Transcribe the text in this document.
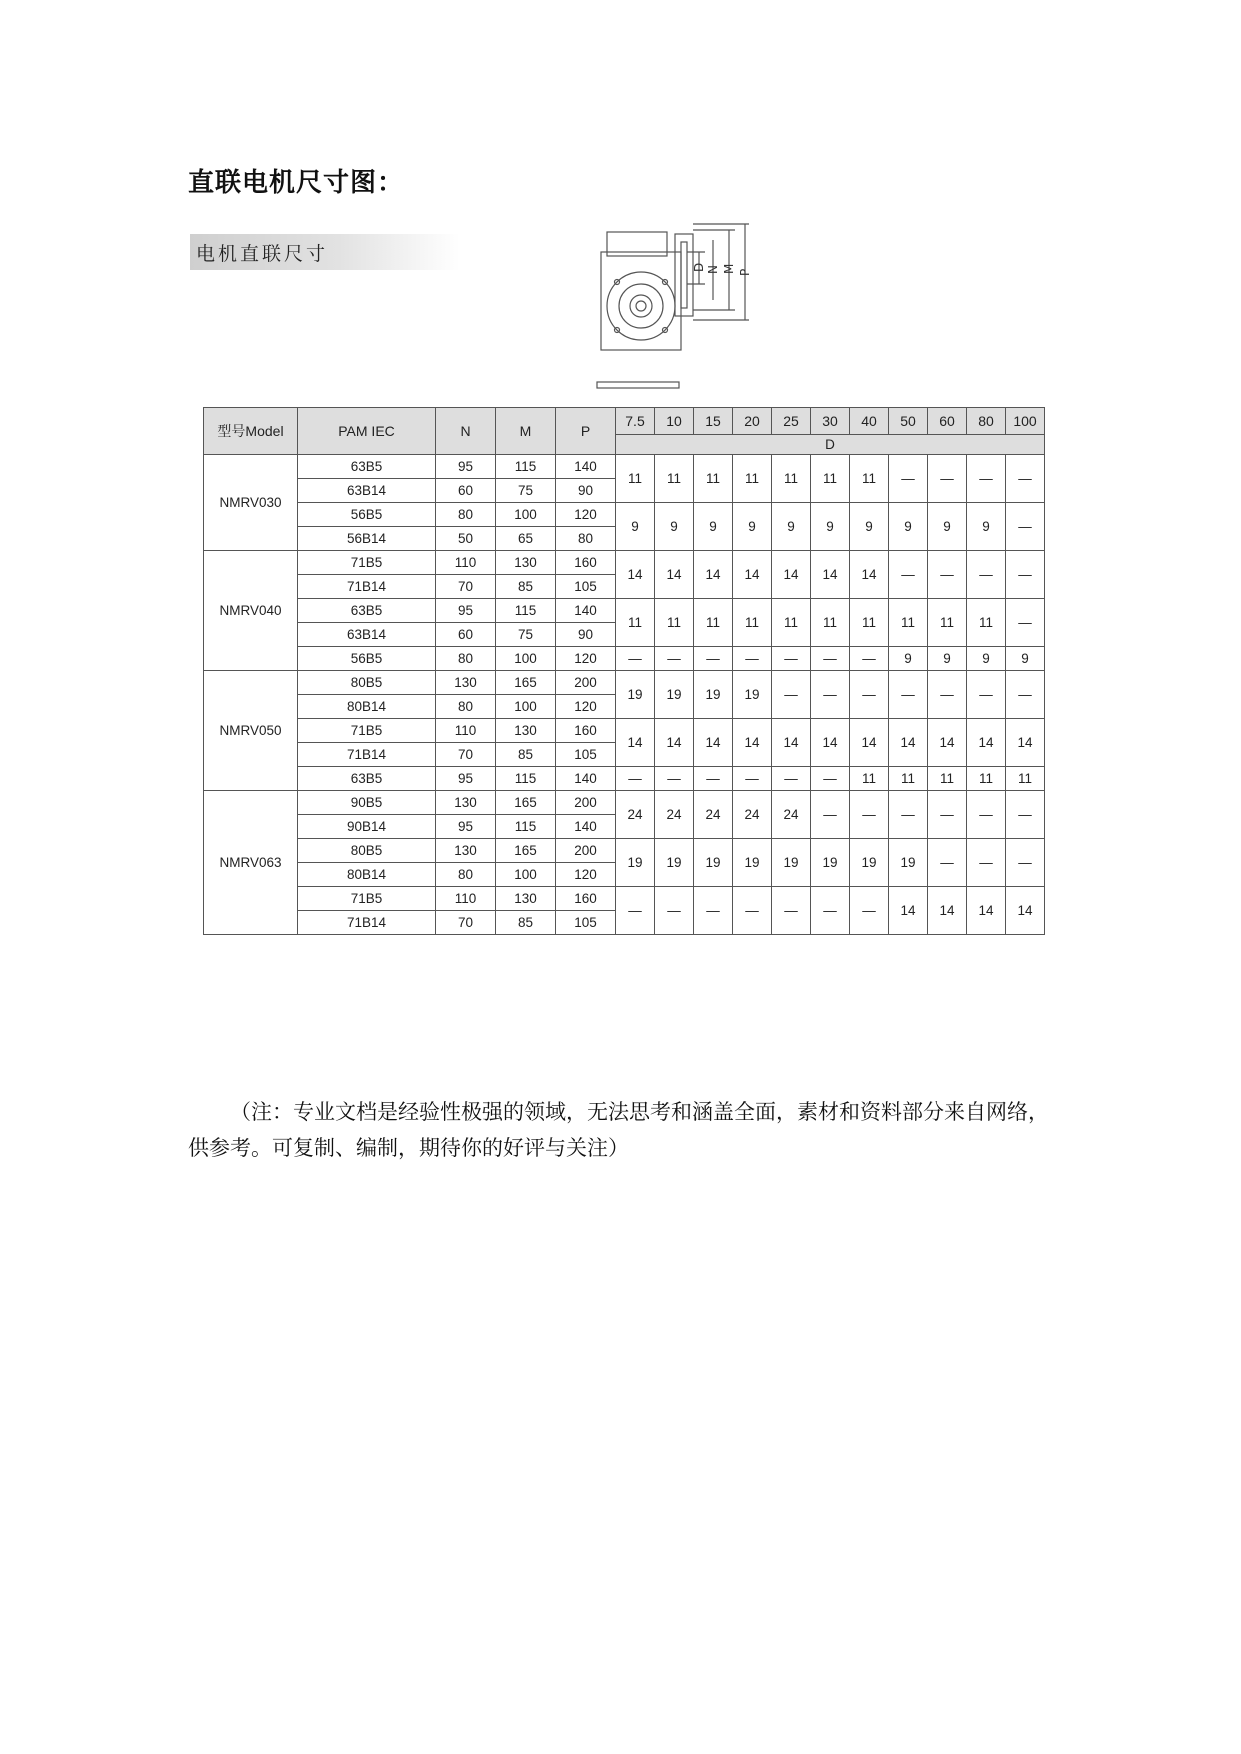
直联电机尺寸图：
电机直联尺寸
D N M P
型号Model	PAM IEC	N	M	P	7.5	10	15	20	25	30	40	50	60	80	100
					D										
NMRV030	63B5	95	115	140	11	11	11	11	11	11	11	—	—	—	—
	63B14	60	75	90											
	56B5	80	100	120	9	9	9	9	9	9	9	9	9	9	—
	56B14	50	65	80											
NMRV040	71B5	110	130	160	14	14	14	14	14	14	14	—	—	—	—
	71B14	70	85	105											
	63B5	95	115	140	11	11	11	11	11	11	11	11	11	11	—
	63B14	60	75	90											
	56B5	80	100	120	—	—	—	—	—	—	—	9	9	9	9
NMRV050	80B5	130	165	200	19	19	19	19	—	—	—	—	—	—	—
	80B14	80	100	120											
	71B5	110	130	160	14	14	14	14	14	14	14	14	14	14	14
	71B14	70	85	105											
	63B5	95	115	140	—	—	—	—	—	—	11	11	11	11	11
NMRV063	90B5	130	165	200	24	24	24	24	24	—	—	—	—	—	—
	90B14	95	115	140											
	80B5	130	165	200	19	19	19	19	19	19	19	19	—	—	—
	80B14	80	100	120											
	71B5	110	130	160	—	—	—	—	—	—	—	14	14	14	14
	71B14	70	85	105											
（注：专业文档是经验性极强的领域，无法思考和涵盖全面，素材和资料部分来自网络，供参考。可复制、编制，期待你的好评与关注）
